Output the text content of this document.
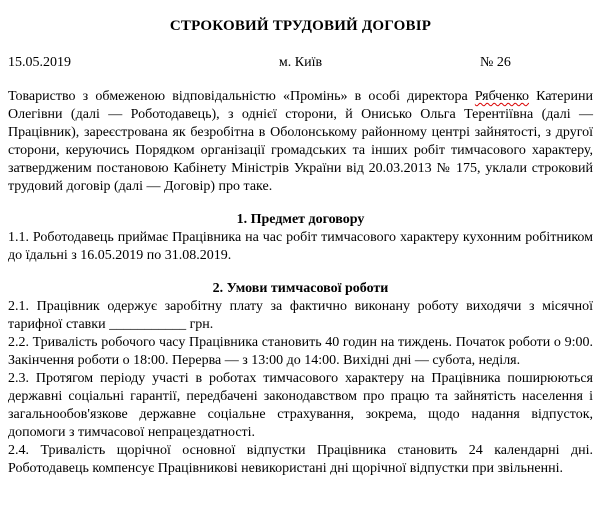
СТРОКОВИЙ ТРУДОВИЙ ДОГОВІР
15.05.2019	м. Київ	№ 26

Товариство з обмеженою відповідальністю «Промінь» в особі директора Рябченко Катерини Олегівни (далі — Роботодавець), з однієї сторони, й Онисько Ольга Терентіївна (далі — Працівник), зареєстрована як безробітна в Оболонському районному центрі зайнятості, з другої сторони, керуючись Порядком організації громадських та інших робіт тимчасового характеру, затвердженим постановою Кабінету Міністрів України від 20.03.2013 № 175, уклали строковий трудовий договір (далі — Договір) про таке.

1. Предмет договору

1.1. Роботодавець приймає Працівника на час робіт тимчасового характеру кухонним робітником до їдальні з 16.05.2019 по 31.08.2019.

2. Умови тимчасової роботи

2.1. Працівник одержує заробітну плату за фактично виконану роботу виходячи з місячної тарифної ставки ___________ грн.

2.2. Тривалість робочого часу Працівника становить 40 годин на тиждень. Початок роботи о 9:00. Закінчення роботи о 18:00. Перерва — з 13:00 до 14:00. Вихідні дні — субота, неділя.

2.3. Протягом періоду участі в роботах тимчасового характеру на Працівника поширюються державні соціальні гарантії, передбачені законодавством про працю та зайнятість населення і загальнообов'язкове державне соціальне страхування, зокрема, щодо надання відпусток, допомоги з тимчасової непрацездатності.

2.4. Тривалість щорічної основної відпустки Працівника становить 24 календарні дні. Роботодавець компенсує Працівникові невикористані дні щорічної відпустки при звільненні.
